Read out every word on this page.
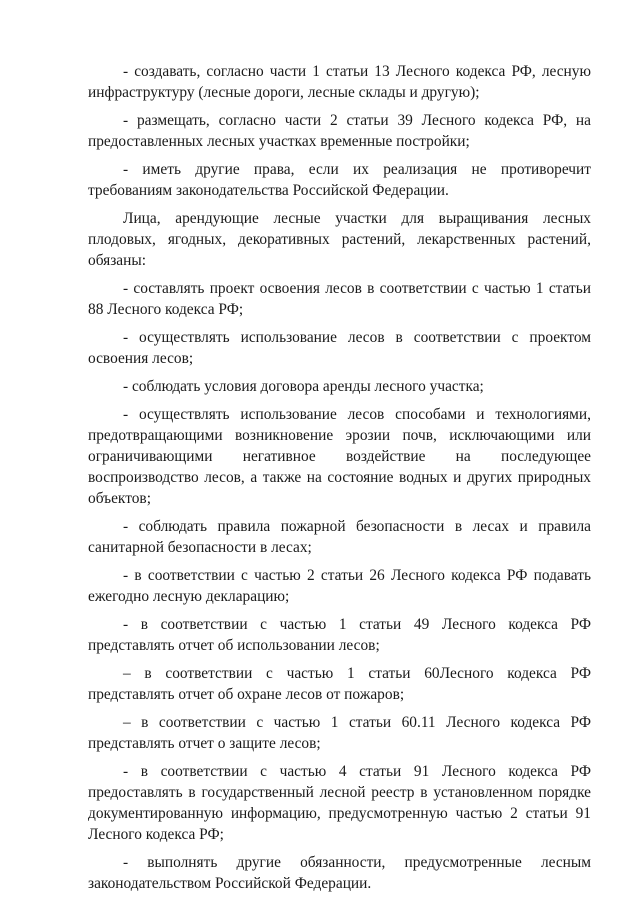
- создавать, согласно части 1 статьи 13 Лесного кодекса РФ, лесную инфраструктуру (лесные дороги, лесные склады и другую);

- размещать, согласно части 2 статьи 39 Лесного кодекса РФ, на предоставленных лесных участках временные постройки;

- иметь другие права, если их реализация не противоречит требованиям законодательства Российской Федерации.

Лица, арендующие лесные участки для выращивания лесных плодовых, ягодных, декоративных растений, лекарственных растений, обязаны:

- составлять проект освоения лесов в соответствии с частью 1 статьи 88 Лесного кодекса РФ;

- осуществлять использование лесов в соответствии с проектом освоения лесов;

- соблюдать условия договора аренды лесного участка;

- осуществлять использование лесов способами и технологиями, предотвращающими возникновение эрозии почв, исключающими или ограничивающими негативное воздействие на последующее воспроизводство лесов, а также на состояние водных и других природных объектов;

- соблюдать правила пожарной безопасности в лесах и правила санитарной безопасности в лесах;

- в соответствии с частью 2 статьи 26 Лесного кодекса РФ подавать ежегодно лесную декларацию;

- в соответствии с частью 1 статьи 49 Лесного кодекса РФ представлять отчет об использовании лесов;

– в соответствии с частью 1 статьи 60Лесного кодекса РФ представлять отчет об охране лесов от пожаров;

– в соответствии с частью 1 статьи 60.11 Лесного кодекса РФ представлять отчет о защите лесов;

- в соответствии с частью 4 статьи 91 Лесного кодекса РФ предоставлять в государственный лесной реестр в установленном порядке документированную информацию, предусмотренную частью 2 статьи 91 Лесного кодекса РФ;

- выполнять другие обязанности, предусмотренные лесным законодательством Российской Федерации.
